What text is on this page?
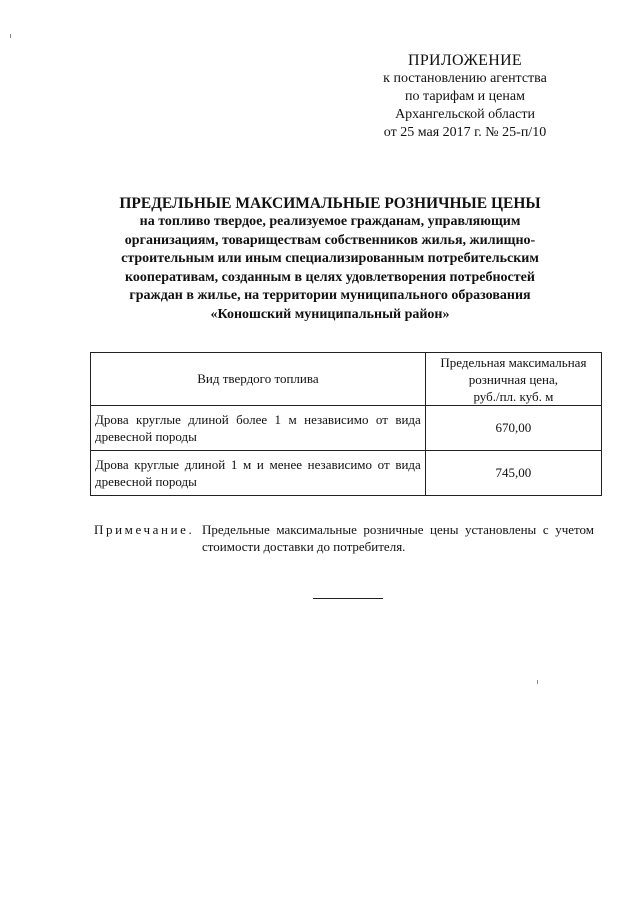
ПРИЛОЖЕНИЕ
к постановлению агентства
по тарифам и ценам
Архангельской области
от 25 мая 2017 г. № 25-п/10
ПРЕДЕЛЬНЫЕ МАКСИМАЛЬНЫЕ РОЗНИЧНЫЕ ЦЕНЫ
на топливо твердое, реализуемое гражданам, управляющим
организациям, товариществам собственников жилья, жилищно-
строительным или иным специализированным потребительским
кооперативам, созданным в целях удовлетворения потребностей
граждан в жилье, на территории муниципального образования
«Коношский муниципальный район»
Вид твердого топлива	Предельная максимальная
розничная цена,
руб./пл. куб. м

Дрова круглые длиной более 1 м независимо от вида древесной породы	670,00
Дрова круглые длиной 1 м и менее независимо от вида древесной породы	745,00
Примечание. Предельные максимальные розничные цены установлены с учетом стоимости доставки до потребителя.
